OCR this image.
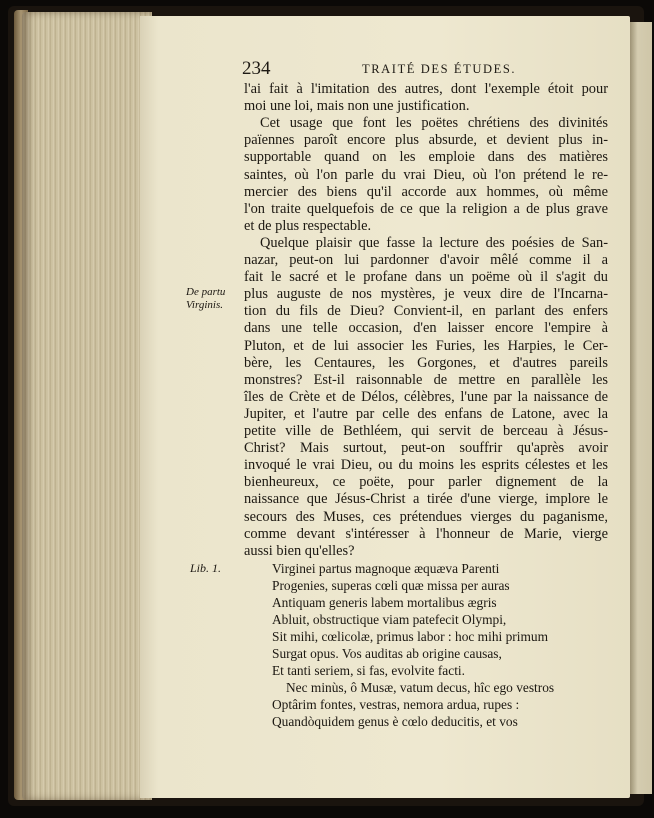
234	TRAITÉ DES ÉTUDES.
l'ai fait à l'imitation des autres, dont l'exemple étoit pour
moi une loi, mais non une justification.
Cet usage que font les poëtes chrétiens des divinités
païennes paroît encore plus absurde, et devient plus in-
supportable quand on les emploie dans des matières
saintes, où l'on parle du vrai Dieu, où l'on prétend le re-
mercier des biens qu'il accorde aux hommes, où même
l'on traite quelquefois de ce que la religion a de plus grave
et de plus respectable.
Quelque plaisir que fasse la lecture des poésies de San-
nazar, peut-on lui pardonner d'avoir mêlé comme il a
fait le sacré et le profane dans un poëme où il s'agit du
plus auguste de nos mystères, je veux dire de l'Incarna-
tion du fils de Dieu? Convient-il, en parlant des enfers
dans une telle occasion, d'en laisser encore l'empire à
Pluton, et de lui associer les Furies, les Harpies, le Cer-
bère, les Centaures, les Gorgones, et d'autres pareils
monstres? Est-il raisonnable de mettre en parallèle les
îles de Crète et de Délos, célèbres, l'une par la naissance de
Jupiter, et l'autre par celle des enfans de Latone, avec la
petite ville de Bethléem, qui servit de berceau à Jésus-
Christ? Mais surtout, peut-on souffrir qu'après avoir
invoqué le vrai Dieu, ou du moins les esprits célestes et les
bienheureux, ce poëte, pour parler dignement de la
naissance que Jésus-Christ a tirée d'une vierge, implore le
secours des Muses, ces prétendues vierges du paganisme,
comme devant s'intéresser à l'honneur de Marie, vierge
aussi bien qu'elles?
De partu
Virginis.
Lib. 1.	Virginei partus magnoque æquæva Parenti
Progenies, superas cœli quæ missa per auras
Antiquam generis labem mortalibus ægris
Abluit, obstructique viam patefecit Olympi,
Sit mihi, cœlicolæ, primus labor : hoc mihi primum
Surgat opus. Vos auditas ab origine causas,
Et tanti seriem, si fas, evolvite facti.
Nec minùs, ô Musæ, vatum decus, hîc ego vestros
Optârim fontes, vestras, nemora ardua, rupes :
Quandòquidem genus è cœlo deducitis, et vos
